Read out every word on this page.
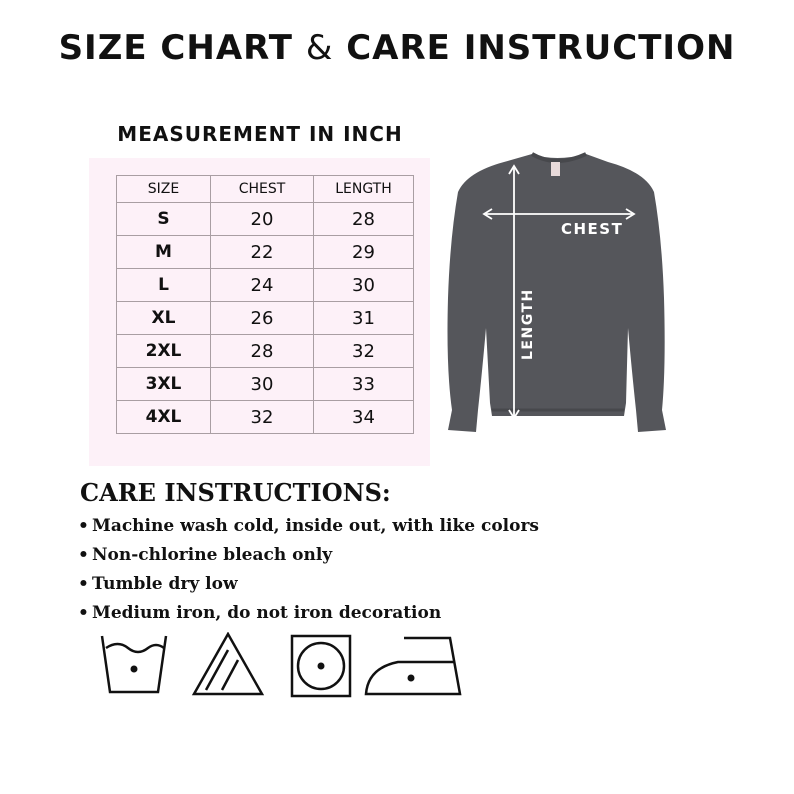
SIZE CHART & CARE INSTRUCTION
MEASUREMENT IN INCH
SIZE	CHEST	LENGTH
S	20	28
M	22	29
L	24	30
XL	26	31
2XL	28	32
3XL	30	33
4XL	32	34
CHEST
LENGTH
CARE INSTRUCTIONS:
• Machine wash cold, inside out, with like colors
• Non-chlorine bleach only
• Tumble dry low
• Medium iron, do not iron decoration
